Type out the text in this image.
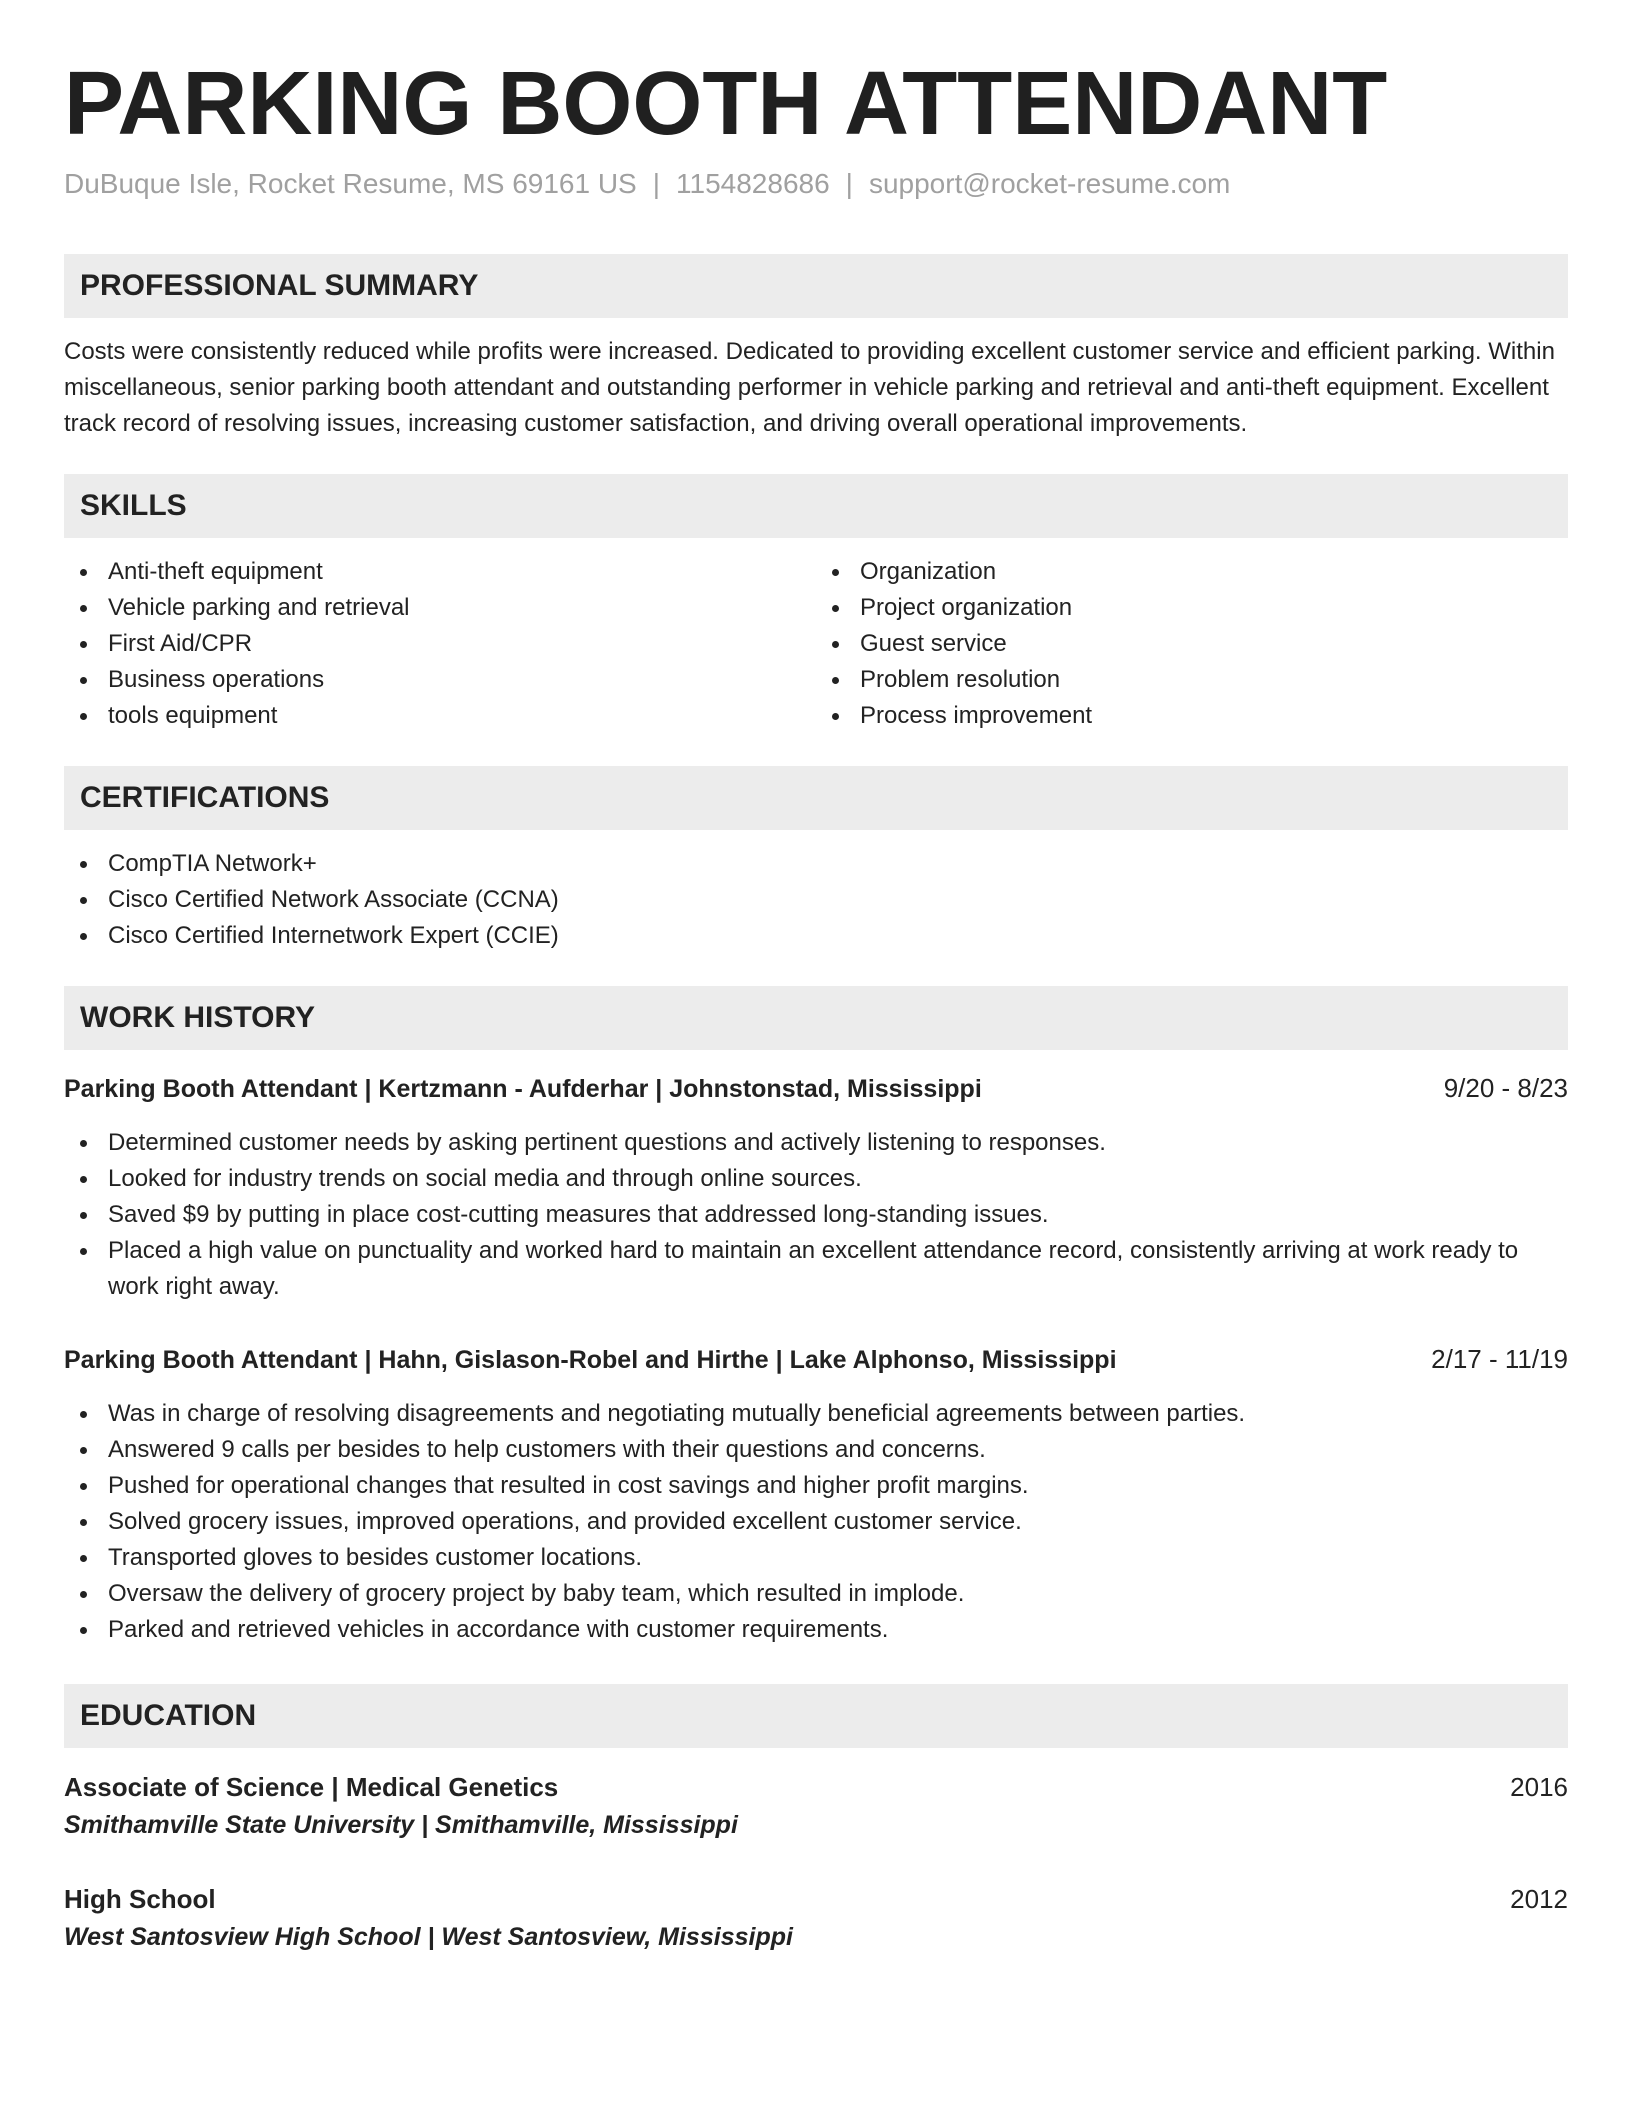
PARKING BOOTH ATTENDANT
DuBuque Isle, Rocket Resume, MS 69161 US | 1154828686 | support@rocket-resume.com
PROFESSIONAL SUMMARY
Costs were consistently reduced while profits were increased. Dedicated to providing excellent customer service and efficient parking. Within miscellaneous, senior parking booth attendant and outstanding performer in vehicle parking and retrieval and anti-theft equipment. Excellent track record of resolving issues, increasing customer satisfaction, and driving overall operational improvements.
SKILLS
Anti-theft equipment
Vehicle parking and retrieval
First Aid/CPR
Business operations
tools equipment
Organization
Project organization
Guest service
Problem resolution
Process improvement
CERTIFICATIONS
CompTIA Network+
Cisco Certified Network Associate (CCNA)
Cisco Certified Internetwork Expert (CCIE)
WORK HISTORY
Parking Booth Attendant | Kertzmann - Aufderhar | Johnstonstad, Mississippi	9/20 - 8/23
Determined customer needs by asking pertinent questions and actively listening to responses.
Looked for industry trends on social media and through online sources.
Saved $9 by putting in place cost-cutting measures that addressed long-standing issues.
Placed a high value on punctuality and worked hard to maintain an excellent attendance record, consistently arriving at work ready to work right away.
Parking Booth Attendant | Hahn, Gislason-Robel and Hirthe | Lake Alphonso, Mississippi	2/17 - 11/19
Was in charge of resolving disagreements and negotiating mutually beneficial agreements between parties.
Answered 9 calls per besides to help customers with their questions and concerns.
Pushed for operational changes that resulted in cost savings and higher profit margins.
Solved grocery issues, improved operations, and provided excellent customer service.
Transported gloves to besides customer locations.
Oversaw the delivery of grocery project by baby team, which resulted in implode.
Parked and retrieved vehicles in accordance with customer requirements.
EDUCATION
Associate of Science | Medical Genetics	2016
Smithamville State University | Smithamville, Mississippi
High School	2012
West Santosview High School | West Santosview, Mississippi
